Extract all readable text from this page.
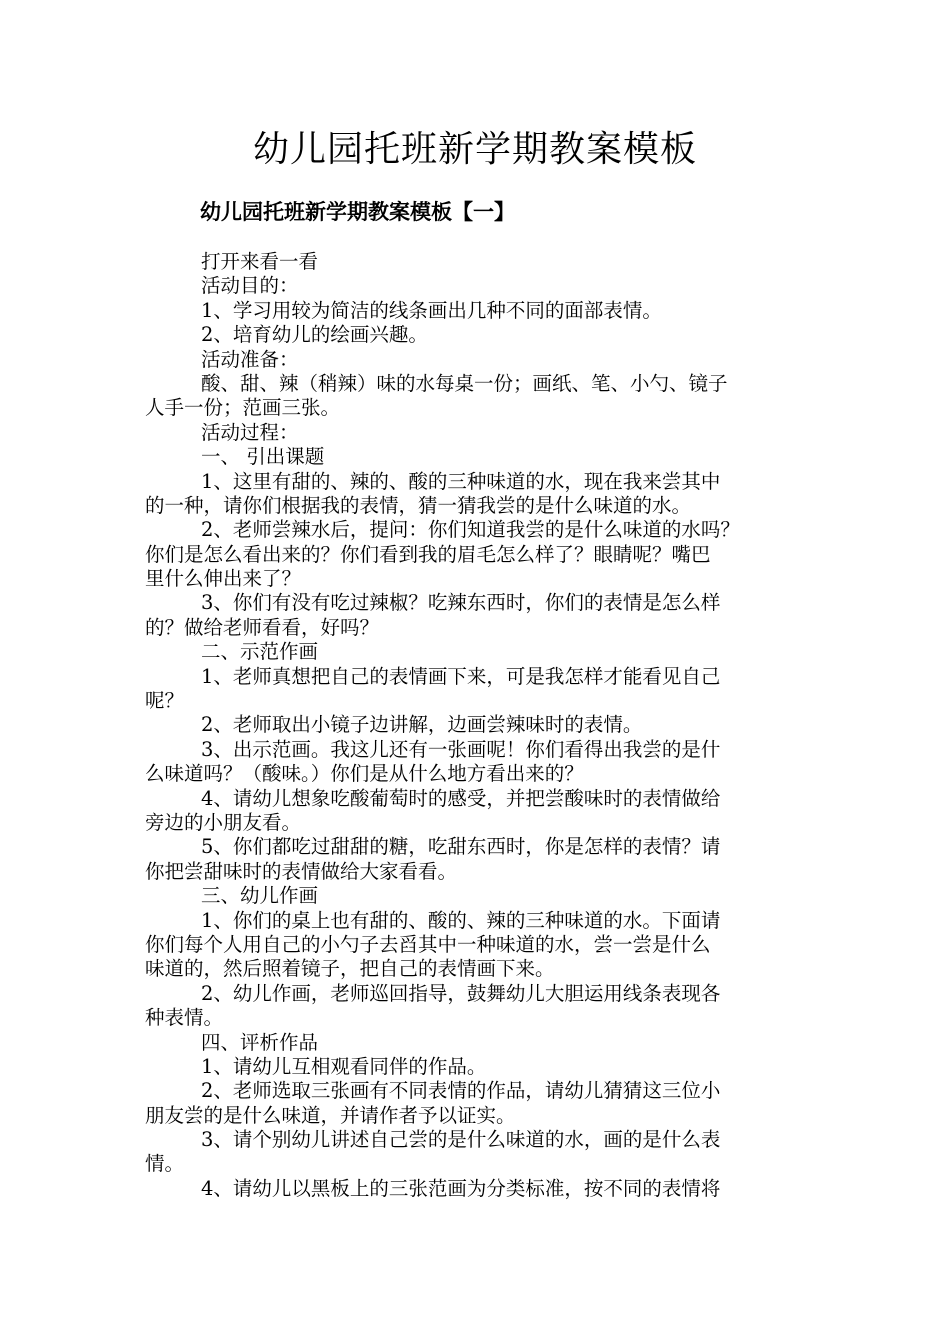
幼儿园托班新学期教案模板
幼儿园托班新学期教案模板【一】
打开来看一看
活动目的：
1、学习用较为简洁的线条画出几种不同的面部表情。
2、培育幼儿的绘画兴趣。
活动准备：
酸、甜、辣（稍辣）味的水每桌一份；画纸、笔、小勺、镜子
人手一份；范画三张。
活动过程：
一、 引出课题
1、这里有甜的、辣的、酸的三种味道的水，现在我来尝其中
的一种，请你们根据我的表情，猜一猜我尝的是什么味道的水。
2、老师尝辣水后，提问：你们知道我尝的是什么味道的水吗？
你们是怎么看出来的？你们看到我的眉毛怎么样了？眼睛呢？嘴巴
里什么伸出来了？
3、你们有没有吃过辣椒？吃辣东西时，你们的表情是怎么样
的？做给老师看看，好吗？
二、示范作画
1、老师真想把自己的表情画下来，可是我怎样才能看见自己
呢？
2、老师取出小镜子边讲解，边画尝辣味时的表情。
3、出示范画。我这儿还有一张画呢！你们看得出我尝的是什
么味道吗？（酸味。）你们是从什么地方看出来的？
4、请幼儿想象吃酸葡萄时的感受，并把尝酸味时的表情做给
旁边的小朋友看。
5、你们都吃过甜甜的糖，吃甜东西时，你是怎样的表情？请
你把尝甜味时的表情做给大家看看。
三、幼儿作画
1、你们的桌上也有甜的、酸的、辣的三种味道的水。下面请
你们每个人用自己的小勺子去舀其中一种味道的水，尝一尝是什么
味道的，然后照着镜子，把自己的表情画下来。
2、幼儿作画，老师巡回指导，鼓舞幼儿大胆运用线条表现各
种表情。
四、评析作品
1、请幼儿互相观看同伴的作品。
2、老师选取三张画有不同表情的作品，请幼儿猜猜这三位小
朋友尝的是什么味道，并请作者予以证实。
3、请个别幼儿讲述自己尝的是什么味道的水，画的是什么表
情。
4、请幼儿以黑板上的三张范画为分类标准，按不同的表情将
